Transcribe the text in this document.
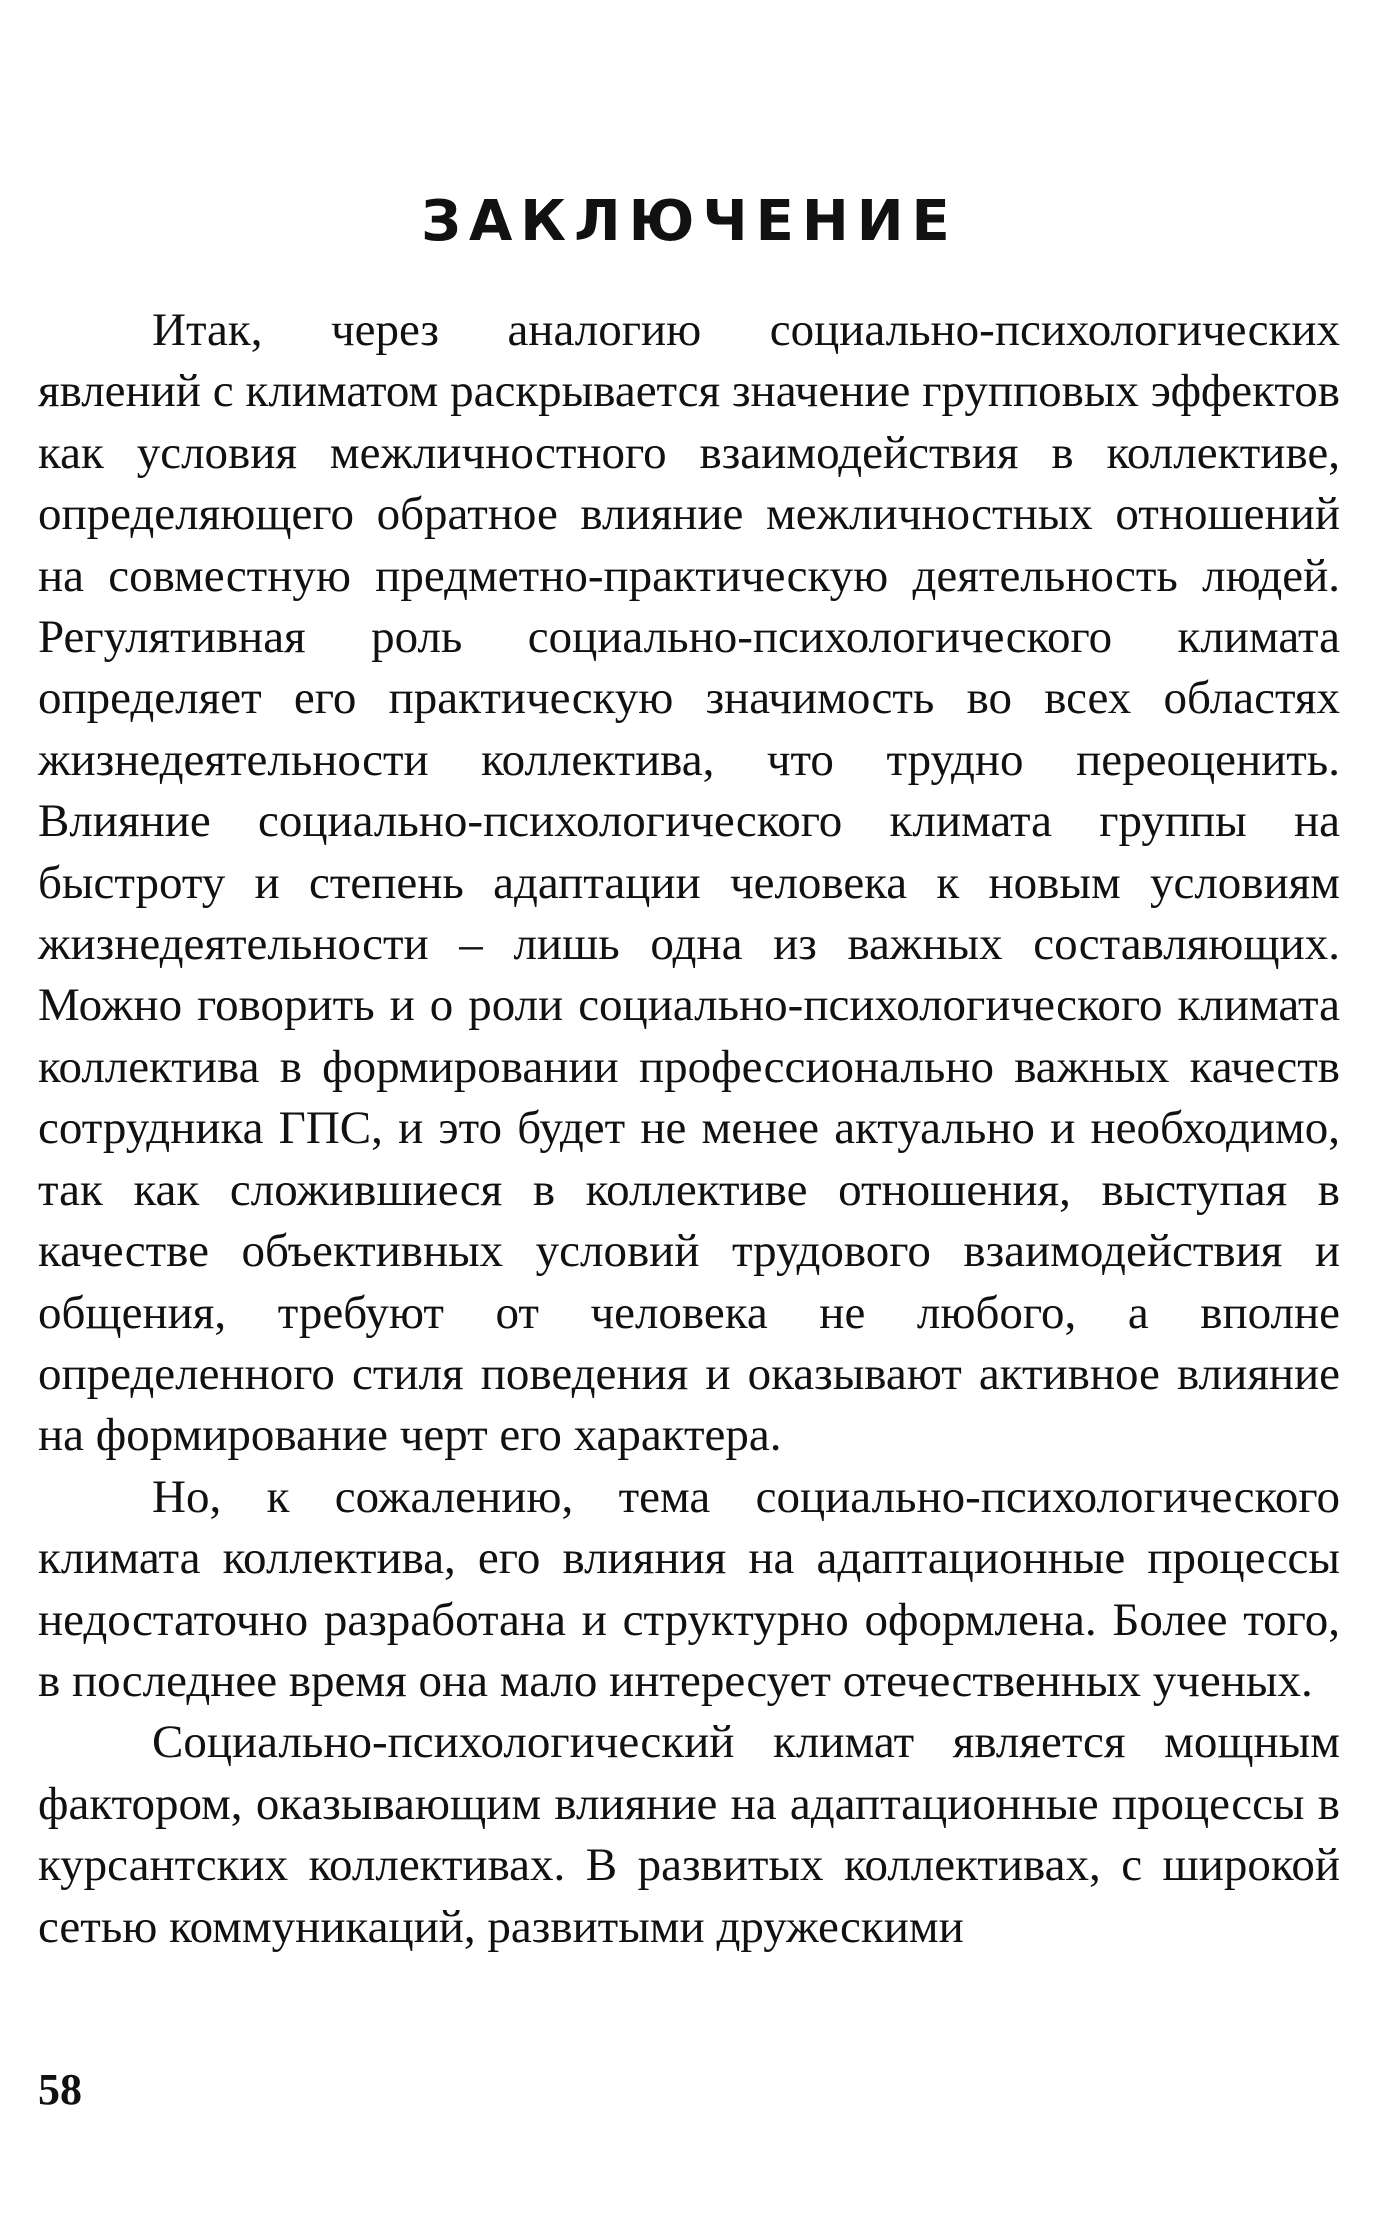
ЗАКЛЮЧЕНИЕ

Итак, через аналогию социально-психологических явлений с климатом раскрывается значение групповых эффектов как условия межличностного взаимодействия в коллективе, определяющего обратное влияние межличностных отношений на совместную предметно-практическую деятельность людей. Регулятивная роль социально-психологического климата определяет его практическую значимость во всех областях жизнедеятельности коллектива, что трудно переоценить. Влияние социально-психологического климата группы на быстроту и степень адаптации человека к новым условиям жизнедеятельности – лишь одна из важных составляющих. Можно говорить и о роли социально-психологического климата коллектива в формировании профессионально важных качеств сотрудника ГПС, и это будет не менее актуально и необходимо, так как сложившиеся в коллективе отношения, выступая в качестве объективных условий трудового взаимодействия и общения, требуют от человека не любого, а вполне определенного стиля поведения и оказывают активное влияние на формирование черт его характера.

Но, к сожалению, тема социально-психологического климата коллектива, его влияния на адаптационные процессы недостаточно разработана и структурно оформлена. Более того, в последнее время она мало интересует отечественных ученых.

Социально-психологический климат является мощным фактором, оказывающим влияние на адаптационные процессы в курсантских коллективах. В развитых коллективах, с широкой сетью коммуникаций, развитыми дружескими

58
